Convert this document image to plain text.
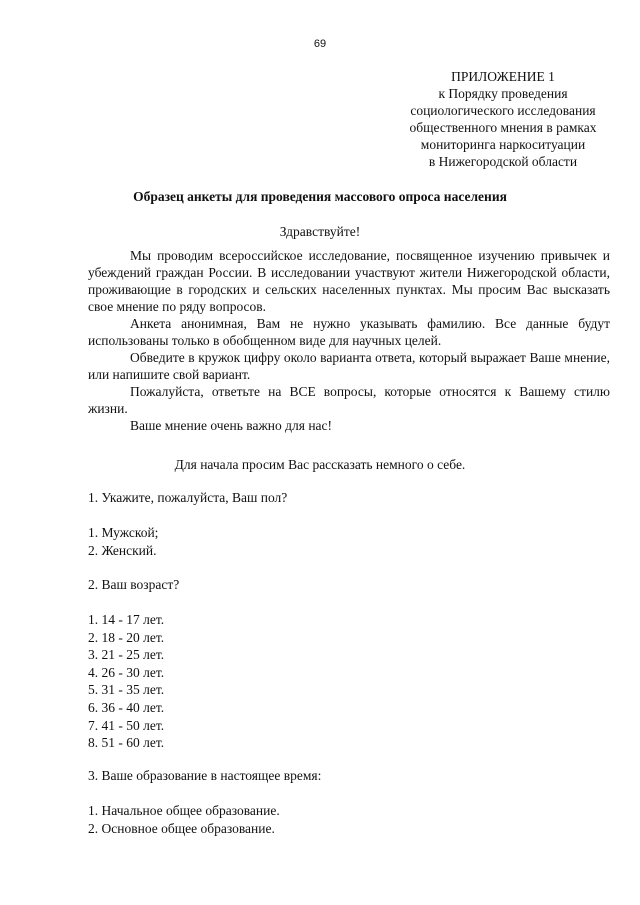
69
ПРИЛОЖЕНИЕ 1
к Порядку проведения
социологического исследования
общественного мнения в рамках
мониторинга наркоситуации
в Нижегородской области
Образец анкеты для проведения массового опроса населения
Здравствуйте!

Мы проводим всероссийское исследование, посвященное изучению привычек и убеждений граждан России. В исследовании участвуют жители Нижегородской области, проживающие в городских и сельских населенных пунктах. Мы просим Вас высказать свое мнение по ряду вопросов.

Анкета анонимная, Вам не нужно указывать фамилию. Все данные будут использованы только в обобщенном виде для научных целей.

Обведите в кружок цифру около варианта ответа, который выражает Ваше мнение, или напишите свой вариант.

Пожалуйста, ответьте на ВСЕ вопросы, которые относятся к Вашему стилю жизни.

Ваше мнение очень важно для нас!

Для начала просим Вас рассказать немного о себе.
1. Укажите, пожалуйста, Ваш пол?
1. Мужской;
2. Женский.
2. Ваш возраст?
1. 14 - 17 лет.
2. 18 - 20 лет.
3. 21 - 25 лет.
4. 26 - 30 лет.
5. 31 - 35 лет.
6. 36 - 40 лет.
7. 41 - 50 лет.
8. 51 - 60 лет.
3. Ваше образование в настоящее время:
1. Начальное общее образование.
2. Основное общее образование.
